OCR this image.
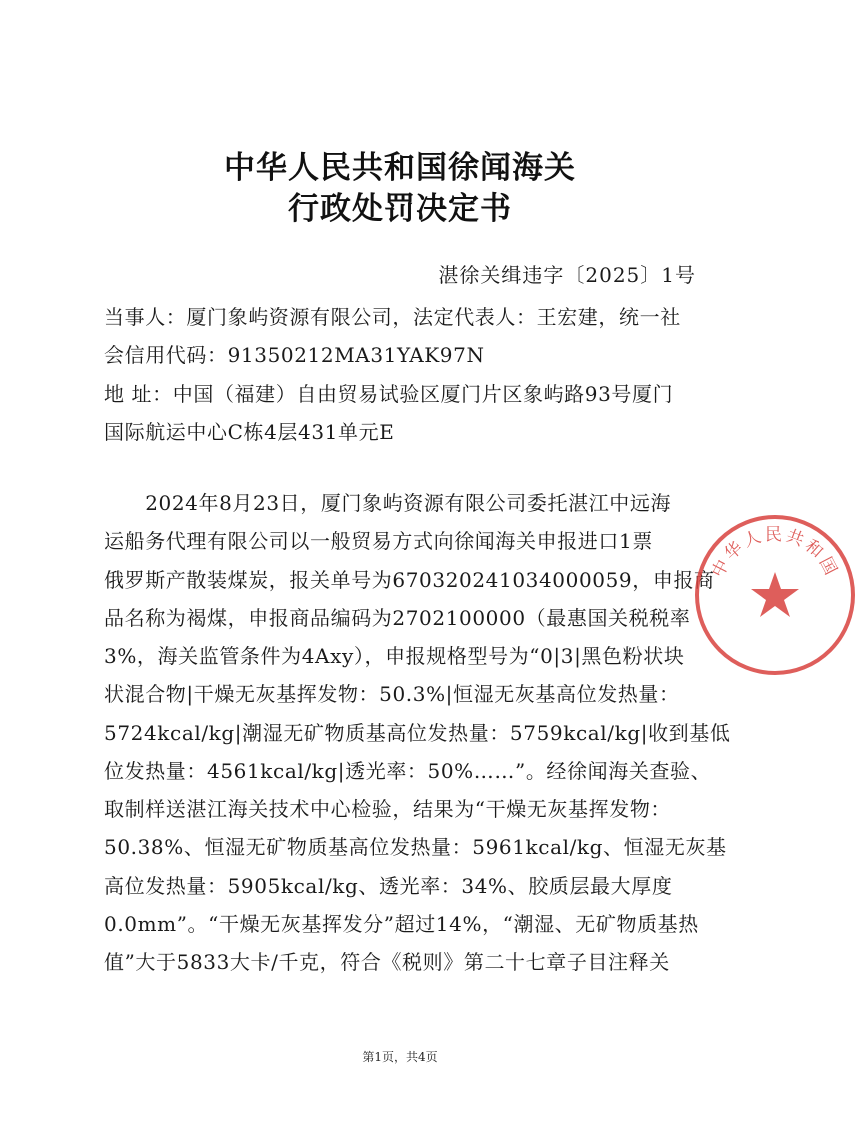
中华人民共和国徐闻海关
行政处罚决定书
湛徐关缉违字〔2025〕1号
当事人：厦门象屿资源有限公司，法定代表人：王宏建，统一社
会信用代码：91350212MA31YAK97N
地 址：中国（福建）自由贸易试验区厦门片区象屿路93号厦门
国际航运中心C栋4层431单元E
　　2024年8月23日，厦门象屿资源有限公司委托湛江中远海
运船务代理有限公司以一般贸易方式向徐闻海关申报进口1票
俄罗斯产散装煤炭，报关单号为670320241034000059，申报商
品名称为褐煤，申报商品编码为2702100000（最惠国关税税率
3%，海关监管条件为4Axy），申报规格型号为“0|3|黑色粉状块
状混合物|干燥无灰基挥发物：50.3%|恒湿无灰基高位发热量：
5724kcal/kg|潮湿无矿物质基高位发热量：5759kcal/kg|收到基低
位发热量：4561kcal/kg|透光率：50%……”。经徐闻海关查验、
取制样送湛江海关技术中心检验，结果为“干燥无灰基挥发物：
50.38%、恒湿无矿物质基高位发热量：5961kcal/kg、恒湿无灰基
高位发热量：5905kcal/kg、透光率：34%、胶质层最大厚度
0.0mm”。“干燥无灰基挥发分”超过14%，“潮湿、无矿物质基热
值”大于5833大卡/千克，符合《税则》第二十七章子目注释关
第1页，共4页
中华人民共和国
